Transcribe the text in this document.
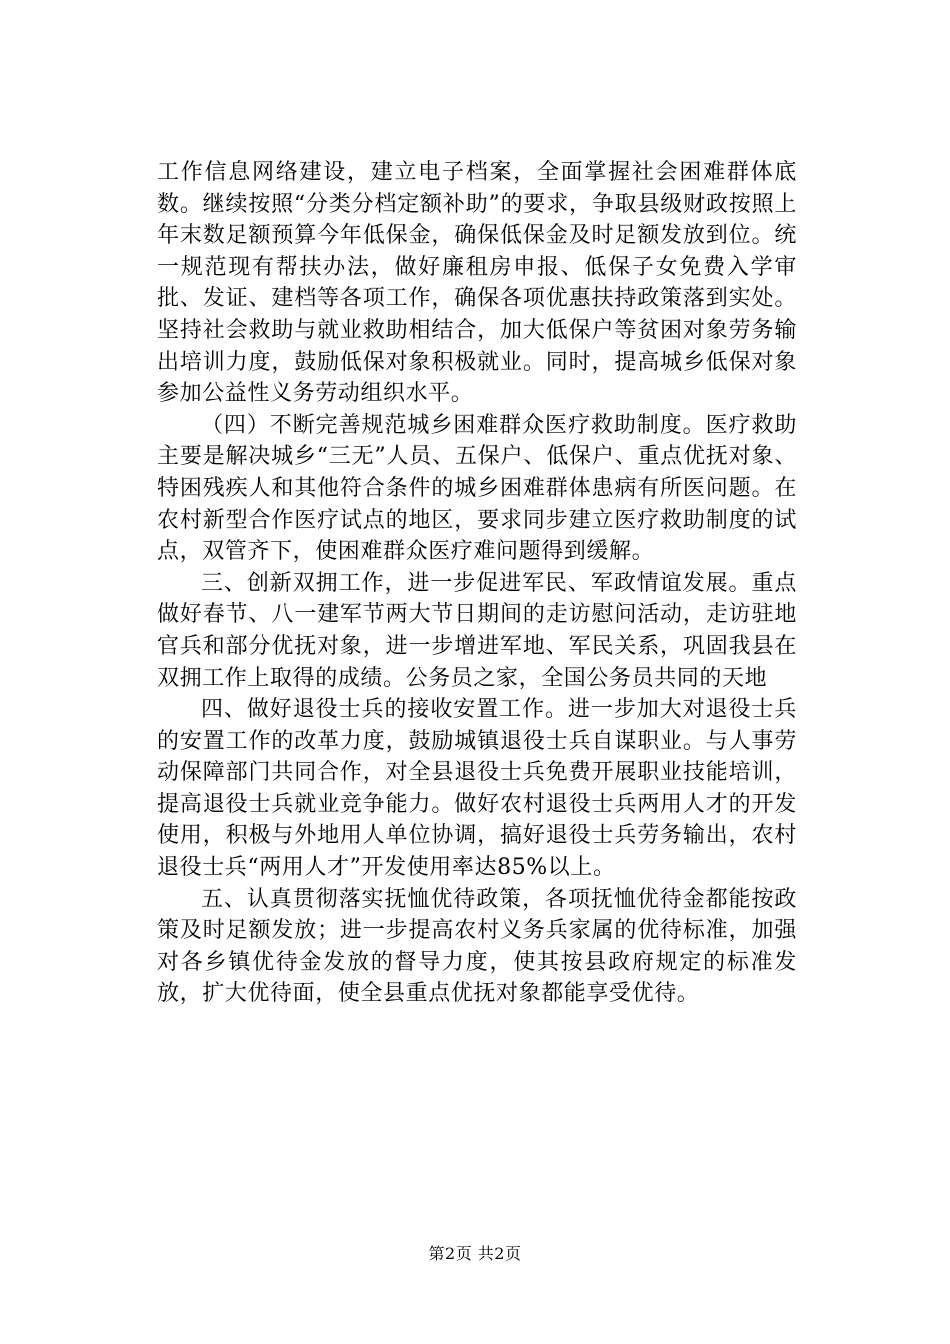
工作信息网络建设，建立电子档案，全面掌握社会困难群体底数。继续按照“分类分档定额补助”的要求，争取县级财政按照上年末数足额预算今年低保金，确保低保金及时足额发放到位。统一规范现有帮扶办法，做好廉租房申报、低保子女免费入学审批、发证、建档等各项工作，确保各项优惠扶持政策落到实处。坚持社会救助与就业救助相结合，加大低保户等贫困对象劳务输出培训力度，鼓励低保对象积极就业。同时，提高城乡低保对象参加公益性义务劳动组织水平。

（四）不断完善规范城乡困难群众医疗救助制度。医疗救助主要是解决城乡“三无”人员、五保户、低保户、重点优抚对象、特困残疾人和其他符合条件的城乡困难群体患病有所医问题。在农村新型合作医疗试点的地区，要求同步建立医疗救助制度的试点，双管齐下，使困难群众医疗难问题得到缓解。

三、创新双拥工作，进一步促进军民、军政情谊发展。重点做好春节、八一建军节两大节日期间的走访慰问活动，走访驻地官兵和部分优抚对象，进一步增进军地、军民关系，巩固我县在双拥工作上取得的成绩。公务员之家，全国公务员共同的天地

四、做好退役士兵的接收安置工作。进一步加大对退役士兵的安置工作的改革力度，鼓励城镇退役士兵自谋职业。与人事劳动保障部门共同合作，对全县退役士兵免费开展职业技能培训，提高退役士兵就业竞争能力。做好农村退役士兵两用人才的开发使用，积极与外地用人单位协调，搞好退役士兵劳务输出，农村退役士兵“两用人才”开发使用率达85%以上。

五、认真贯彻落实抚恤优待政策，各项抚恤优待金都能按政策及时足额发放；进一步提高农村义务兵家属的优待标准，加强对各乡镇优待金发放的督导力度，使其按县政府规定的标准发放，扩大优待面，使全县重点优抚对象都能享受优待。

第2页 共2页
